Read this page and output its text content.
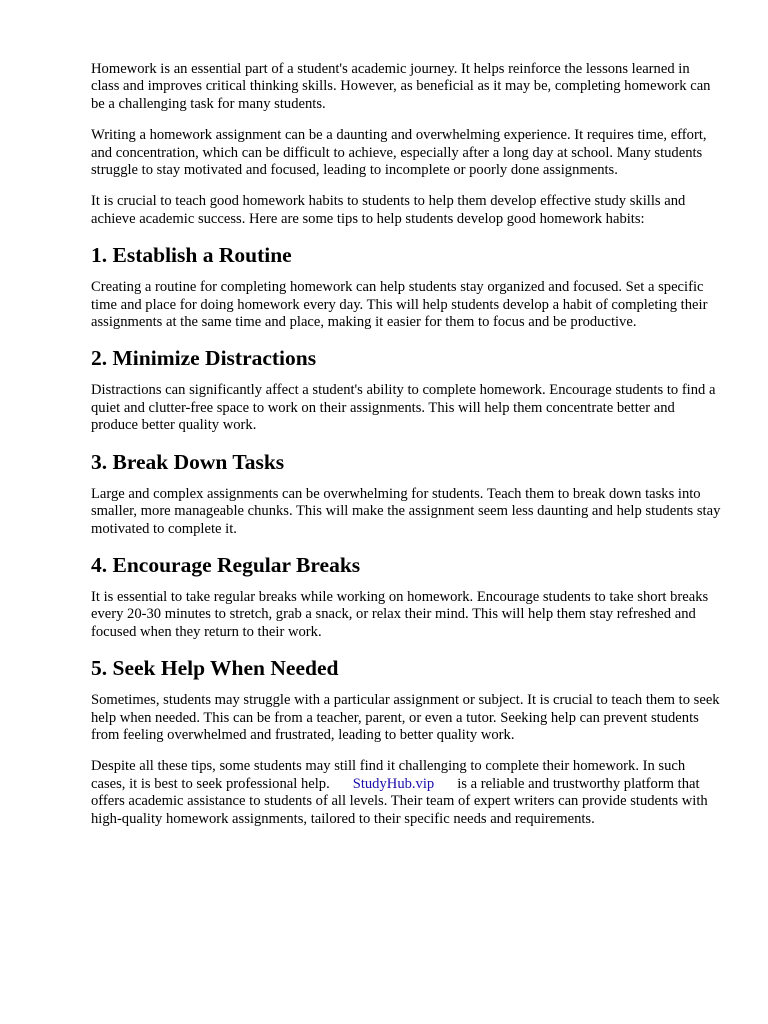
Homework is an essential part of a student's academic journey. It helps reinforce the lessons learned in class and improves critical thinking skills. However, as beneficial as it may be, completing homework can be a challenging task for many students.

Writing a homework assignment can be a daunting and overwhelming experience. It requires time, effort, and concentration, which can be difficult to achieve, especially after a long day at school. Many students struggle to stay motivated and focused, leading to incomplete or poorly done assignments.

It is crucial to teach good homework habits to students to help them develop effective study skills and achieve academic success. Here are some tips to help students develop good homework habits:

1. Establish a Routine

Creating a routine for completing homework can help students stay organized and focused. Set a specific time and place for doing homework every day. This will help students develop a habit of completing their assignments at the same time and place, making it easier for them to focus and be productive.

2. Minimize Distractions

Distractions can significantly affect a student's ability to complete homework. Encourage students to find a quiet and clutter-free space to work on their assignments. This will help them concentrate better and produce better quality work.

3. Break Down Tasks

Large and complex assignments can be overwhelming for students. Teach them to break down tasks into smaller, more manageable chunks. This will make the assignment seem less daunting and help students stay motivated to complete it.

4. Encourage Regular Breaks

It is essential to take regular breaks while working on homework. Encourage students to take short breaks every 20-30 minutes to stretch, grab a snack, or relax their mind. This will help them stay refreshed and focused when they return to their work.

5. Seek Help When Needed

Sometimes, students may struggle with a particular assignment or subject. It is crucial to teach them to seek help when needed. This can be from a teacher, parent, or even a tutor. Seeking help can prevent students from feeling overwhelmed and frustrated, leading to better quality work.

Despite all these tips, some students may still find it challenging to complete their homework. In such cases, it is best to seek professional help. StudyHub.vip is a reliable and trustworthy platform that offers academic assistance to students of all levels. Their team of expert writers can provide students with high-quality homework assignments, tailored to their specific needs and requirements.
